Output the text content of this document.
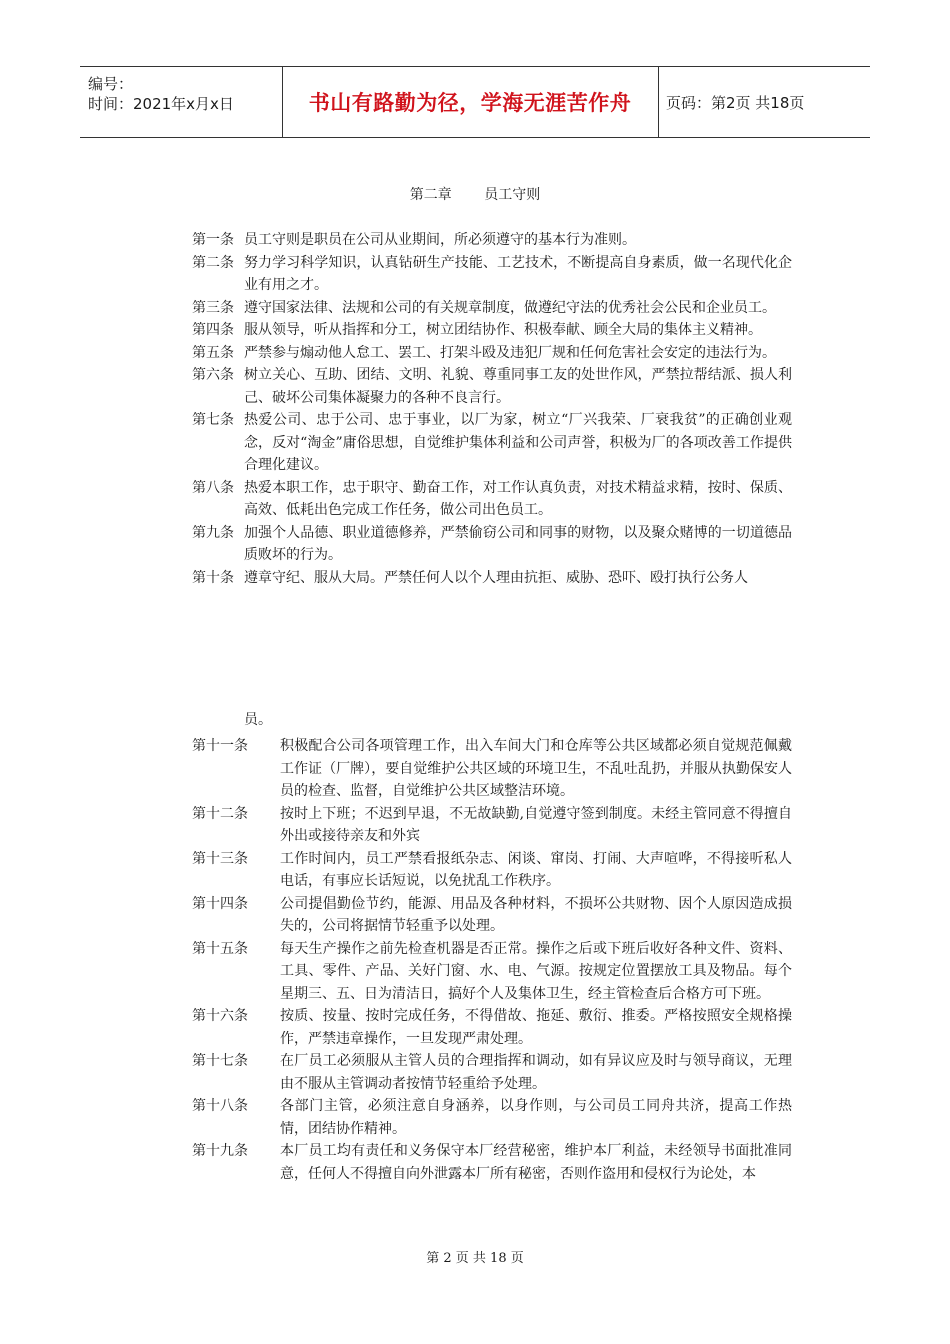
编号：
时间：2021年x月x日	书山有路勤为径，学海无涯苦作舟 页码：第2页 共18页
第二章 员工守则
第一条 员工守则是职员在公司从业期间，所必须遵守的基本行为准则。
第二条 努力学习科学知识，认真钻研生产技能、工艺技术，不断提高自身素质，做一名现代化企业有用之才。
第三条 遵守国家法律、法规和公司的有关规章制度，做遵纪守法的优秀社会公民和企业员工。
第四条 服从领导，听从指挥和分工，树立团结协作、积极奉献、顾全大局的集体主义精神。
第五条 严禁参与煽动他人怠工、罢工、打架斗殴及违犯厂规和任何危害社会安定的违法行为。
第六条 树立关心、互助、团结、文明、礼貌、尊重同事工友的处世作风，严禁拉帮结派、损人利己、破坏公司集体凝聚力的各种不良言行。
第七条 热爱公司、忠于公司、忠于事业，以厂为家，树立“厂兴我荣、厂衰我贫”的正确创业观念，反对“淘金”庸俗思想，自觉维护集体利益和公司声誉，积极为厂的各项改善工作提供合理化建议。
第八条 热爱本职工作，忠于职守、勤奋工作，对工作认真负责，对技术精益求精，按时、保质、高效、低耗出色完成工作任务，做公司出色员工。
第九条 加强个人品德、职业道德修养，严禁偷窃公司和同事的财物，以及聚众赌博的一切道德品质败坏的行为。
第十条 遵章守纪、服从大局。严禁任何人以个人理由抗拒、威胁、恐吓、殴打执行公务人
员。
第十一条	积极配合公司各项管理工作，出入车间大门和仓库等公共区域都必须自觉规范佩戴工作证（厂牌），要自觉维护公共区域的环境卫生，不乱吐乱扔，并服从执勤保安人员的检查、监督，自觉维护公共区域整洁环境。
第十二条	按时上下班；不迟到早退，不无故缺勤,自觉遵守签到制度。未经主管同意不得擅自外出或接待亲友和外宾
第十三条	工作时间内，员工严禁看报纸杂志、闲谈、窜岗、打闹、大声喧哗，不得接听私人电话，有事应长话短说，以免扰乱工作秩序。
第十四条	公司提倡勤俭节约，能源、用品及各种材料，不损坏公共财物、因个人原因造成损失的，公司将据情节轻重予以处理。
第十五条	每天生产操作之前先检查机器是否正常。操作之后或下班后收好各种文件、资料、工具、零件、产品、关好门窗、水、电、气源。按规定位置摆放工具及物品。每个星期三、五、日为清洁日，搞好个人及集体卫生，经主管检查后合格方可下班。
第十六条	按质、按量、按时完成任务，不得借故、拖延、敷衍、推委。严格按照安全规格操作，严禁违章操作，一旦发现严肃处理。
第十七条	在厂员工必须服从主管人员的合理指挥和调动，如有异议应及时与领导商议，无理由不服从主管调动者按情节轻重给予处理。
第十八条	各部门主管，必须注意自身涵养，以身作则，与公司员工同舟共济，提高工作热情，团结协作精神。
第十九条	本厂员工均有责任和义务保守本厂经营秘密，维护本厂利益，未经领导书面批准同意，任何人不得擅自向外泄露本厂所有秘密，否则作盗用和侵权行为论处，本
第 2 页 共 18 页
